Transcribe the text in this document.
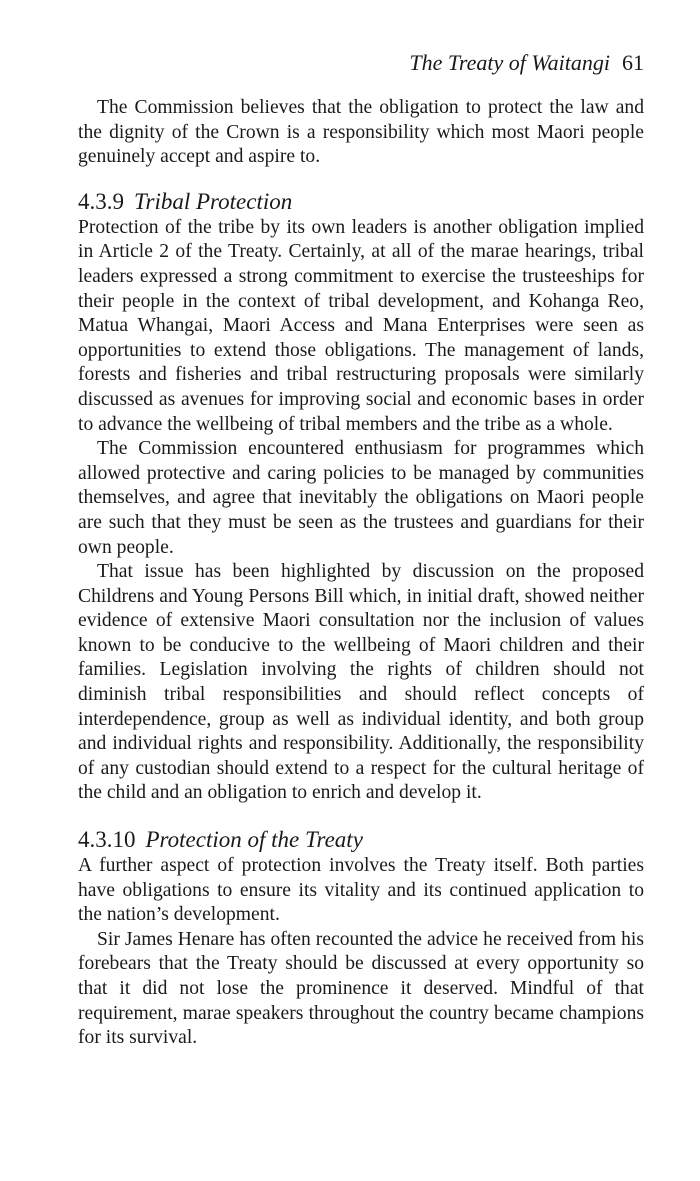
The Treaty of Waitangi 61

The Commission believes that the obligation to protect the law and the dignity of the Crown is a responsibility which most Maori people genuinely accept and aspire to.

4.3.9 Tribal Protection

Protection of the tribe by its own leaders is another obligation implied in Article 2 of the Treaty. Certainly, at all of the marae hearings, tribal leaders expressed a strong commitment to exercise the trusteeships for their people in the context of tribal development, and Kohanga Reo, Matua Whangai, Maori Access and Mana Enterprises were seen as opportunities to extend those obligations. The management of lands, forests and fisheries and tribal restructuring proposals were similarly discussed as avenues for improving social and economic bases in order to advance the wellbeing of tribal members and the tribe as a whole.

The Commission encountered enthusiasm for programmes which allowed protective and caring policies to be managed by communities themselves, and agree that inevitably the obligations on Maori people are such that they must be seen as the trustees and guardians for their own people.

That issue has been highlighted by discussion on the proposed Childrens and Young Persons Bill which, in initial draft, showed neither evidence of extensive Maori consultation nor the inclusion of values known to be conducive to the wellbeing of Maori children and their families. Legislation involving the rights of children should not diminish tribal responsibilities and should reflect concepts of interdependence, group as well as individual identity, and both group and individual rights and responsibility. Additionally, the responsibility of any custodian should extend to a respect for the cultural heritage of the child and an obligation to enrich and develop it.

4.3.10 Protection of the Treaty

A further aspect of protection involves the Treaty itself. Both parties have obligations to ensure its vitality and its continued application to the nation’s development.

Sir James Henare has often recounted the advice he received from his forebears that the Treaty should be discussed at every opportunity so that it did not lose the prominence it deserved. Mindful of that requirement, marae speakers throughout the country became champions for its survival.
